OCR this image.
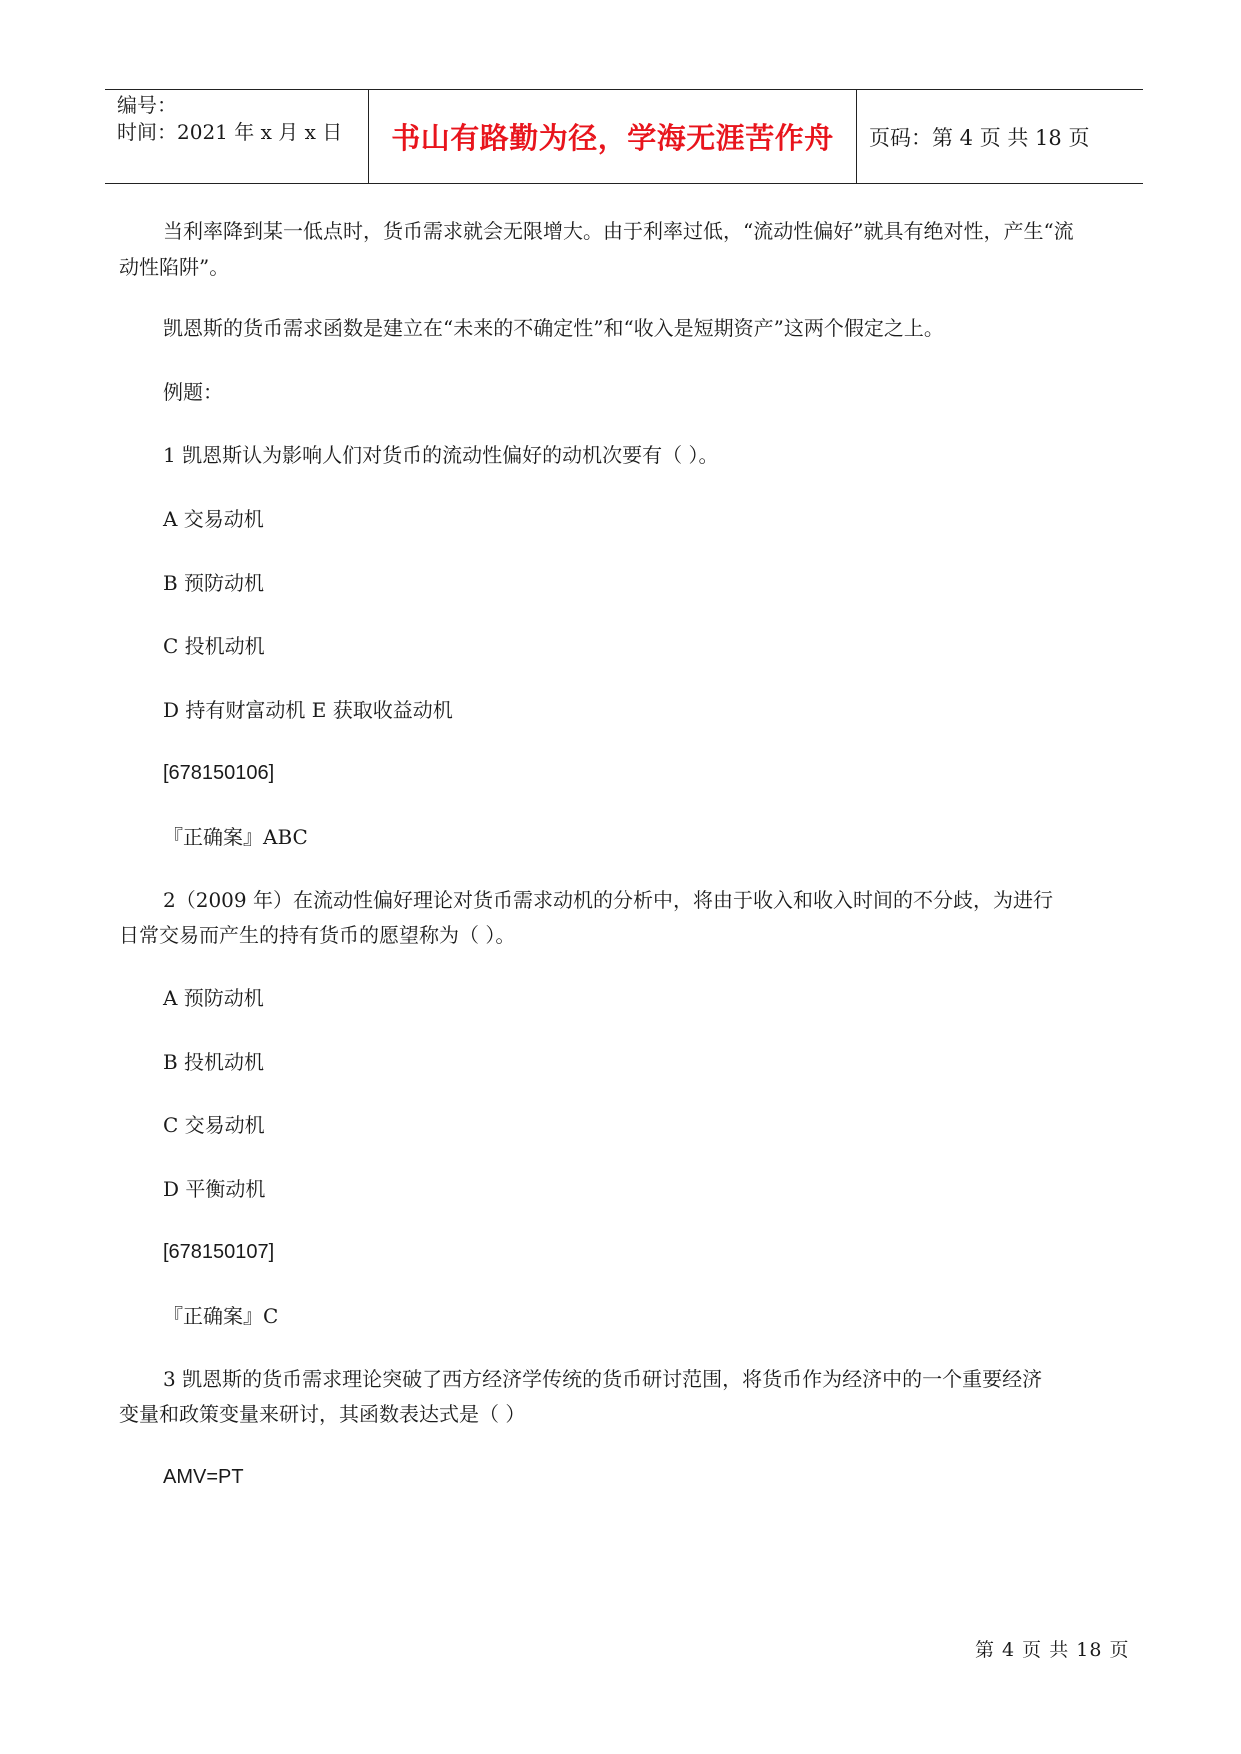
编号：
时间：2021 年 x 月 x 日 书山有路勤为径，学海无涯苦作舟 页码：第 4 页 共 18 页
当利率降到某一低点时，货币需求就会无限增大。由于利率过低，“流动性偏好”就具有绝对性，产生“流
动性陷阱”。
凯恩斯的货币需求函数是建立在“未来的不确定性”和“收入是短期资产”这两个假定之上。
例题：
1 凯恩斯认为影响人们对货币的流动性偏好的动机次要有（ ）。
A 交易动机
B 预防动机
C 投机动机
D 持有财富动机 E 获取收益动机
[678150106]
『正确案』ABC
2（2009 年）在流动性偏好理论对货币需求动机的分析中，将由于收入和收入时间的不分歧，为进行
日常交易而产生的持有货币的愿望称为（ ）。
A 预防动机
B 投机动机
C 交易动机
D 平衡动机
[678150107]
『正确案』C
3 凯恩斯的货币需求理论突破了西方经济学传统的货币研讨范围，将货币作为经济中的一个重要经济
变量和政策变量来研讨，其函数表达式是（ ）
AMV=PT
第 4 页 共 18 页
